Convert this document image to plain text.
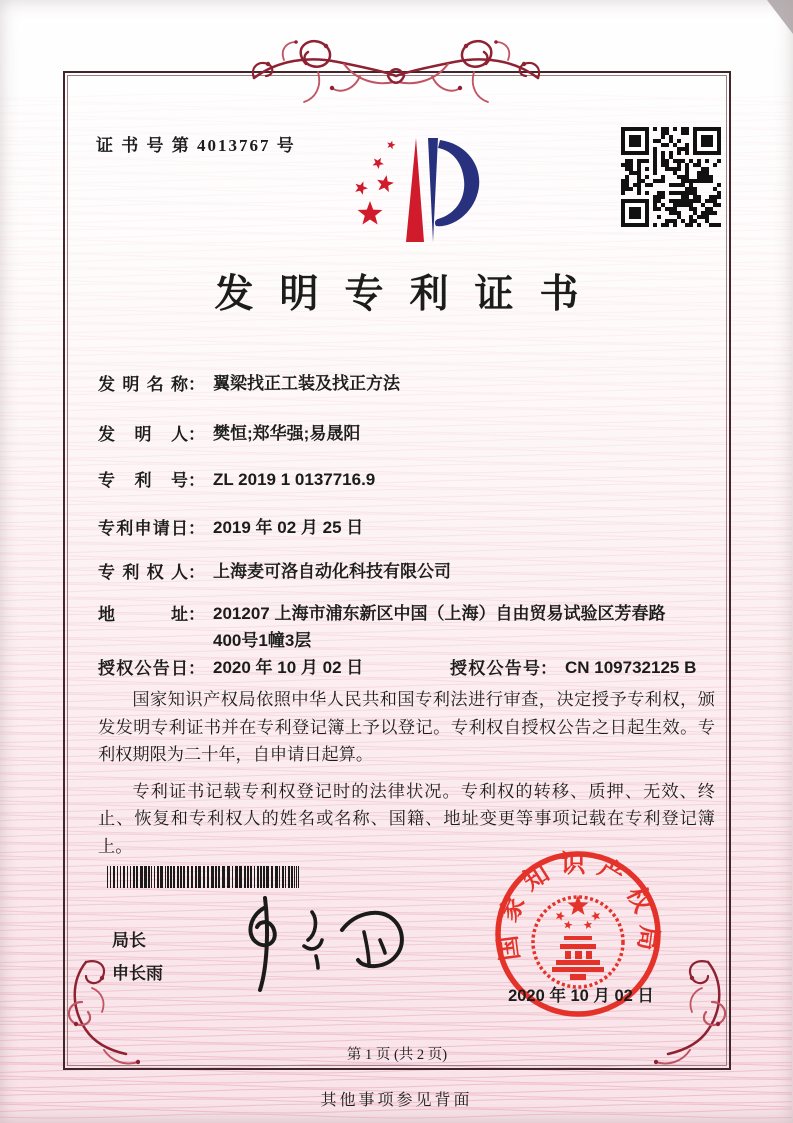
证 书 号 第 4013767 号
发明专利证书
发明名称 ： 翼梁找正工装及找正方法
发明人 ： 樊恒;郑华强;易晟阳
专利号 ： ZL 2019 1 0137716.9
专利申请日 ： 2019 年 02 月 25 日
专利权人 ： 上海麦可洛自动化科技有限公司
地址 ： 201207 上海市浦东新区中国（上海）自由贸易试验区芳春路400号1幢3层
授权公告日 ： 2020 年 10 月 02 日	授权公告号 ： CN 109732125 B

国家知识产权局依照中华人民共和国专利法进行审查，决定授予专利权，颁发发明专利证书并在专利登记簿上予以登记。专利权自授权公告之日起生效。专利权期限为二十年，自申请日起算。

专利证书记载专利权登记时的法律状况。专利权的转移、质押、无效、终止、恢复和专利权人的姓名或名称、国籍、地址变更等事项记载在专利登记簿上。

局长
申长雨
国家知识产权局
2020 年 10 月 02 日
第 1 页 (共 2 页)
其他事项参见背面
